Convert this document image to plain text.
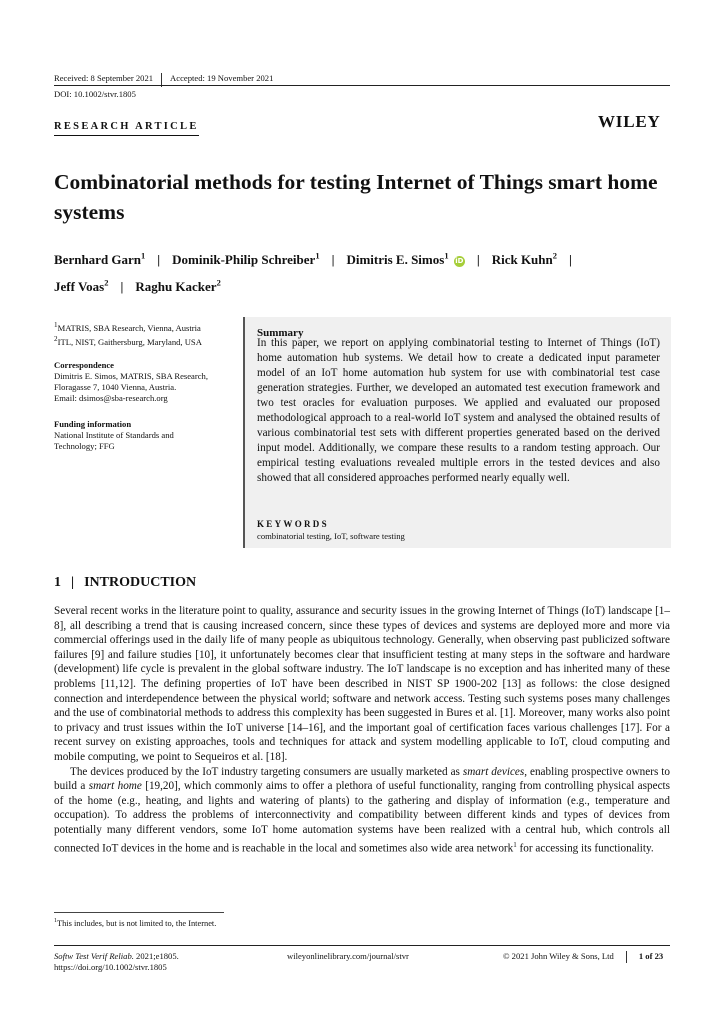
Received: 8 September 2021 Accepted: 19 November 2021
DOI: 10.1002/stvr.1805
RESEARCH ARTICLE	WILEY
Combinatorial methods for testing Internet of Things smart home systems
Bernhard Garn$^1$ | Dominik-Philip Schreiber$^1$ | Dimitris E. Simos$^1$ iD | Rick Kuhn$^2$ |
Jeff Voas$^2$ | Raghu Kacker$^2$
$^1$MATRIS, SBA Research, Vienna, Austria
$^2$ITL, NIST, Gaithersburg, Maryland, USA
Correspondence
Dimitris E. Simos, MATRIS, SBA Research,
Floragasse 7, 1040 Vienna, Austria.
Email: dsimos@sba-research.org
Funding information
National Institute of Standards and
Technology; FFG
Summary
In this paper, we report on applying combinatorial testing to Internet of Things (IoT) home automation hub systems. We detail how to create a dedicated input parameter model of an IoT home automation hub system for use with combinatorial test case generation strategies. Further, we developed an automated test execution framework and two test oracles for evaluation purposes. We applied and evaluated our proposed methodological approach to a real-world IoT system and analysed the obtained results of various combinatorial test sets with different properties generated based on the derived input model. Additionally, we compare these results to a random testing approach. Our empirical testing evaluations revealed multiple errors in the tested devices and also showed that all considered approaches performed nearly equally well.
KEYWORDS
combinatorial testing, IoT, software testing
1 | INTRODUCTION

Several recent works in the literature point to quality, assurance and security issues in the growing Internet of Things (IoT) landscape [1–8], all describing a trend that is causing increased concern, since these types of devices and systems are deployed more and more via commercial offerings used in the daily life of many people as ubiquitous technology. Generally, when observing past publicized software failures [9] and failure studies [10], it unfortunately becomes clear that insufficient testing at many steps in the software and hardware (development) life cycle is prevalent in the global software industry. The IoT landscape is no exception and has inherited many of these problems [11,12]. The defining properties of IoT have been described in NIST SP 1900-202 [13] as follows: the close designed connection and interdependence between the physical world; software and network access. Testing such systems poses many challenges and the use of combinatorial methods to address this complexity has been suggested in Bures et al. [1]. Moreover, many works also point to privacy and trust issues within the IoT universe [14–16], and the important goal of certification faces various challenges [17]. For a recent survey on existing approaches, tools and techniques for attack and system modelling applicable to IoT, cloud computing and mobile computing, we point to Sequeiros et al. [18].

The devices produced by the IoT industry targeting consumers are usually marketed as smart devices, enabling prospective owners to build a smart home [19,20], which commonly aims to offer a plethora of useful functionality, ranging from controlling physical aspects of the home (e.g., heating, and lights and watering of plants) to the gathering and display of information (e.g., temperature and occupation). To address the problems of interconnectivity and compatibility between different kinds and types of devices from potentially many different vendors, some IoT home automation systems have been realized with a central hub, which controls all connected IoT devices in the home and is reachable in the local and sometimes also wide area network$^1$ for accessing its functionality.

$^1$This includes, but is not limited to, the Internet.
Softw Test Verif Reliab. 2021;e1805.
https://doi.org/10.1002/stvr.1805
wileyonlinelibrary.com/journal/stvr	© 2021 John Wiley & Sons, Ltd	1 of 23
